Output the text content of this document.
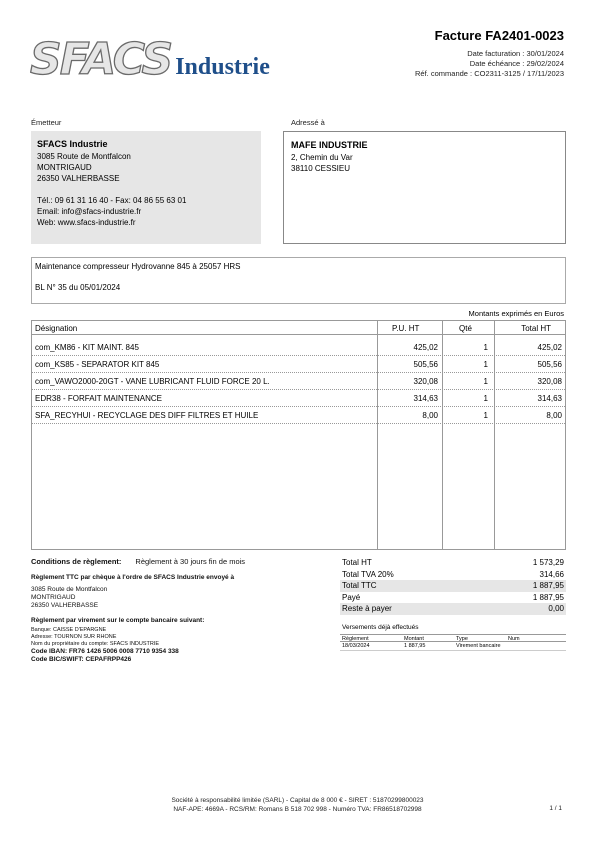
SFACS Industrie
Facture FA2401-0023
Date facturation : 30/01/2024
Date échéance : 29/02/2024
Réf. commande : CO2311-3125 / 17/11/2023
Émetteur
SFACS Industrie
3085 Route de Montfalcon
MONTRIGAUD
26350 VALHERBASSE
Tél.: 09 61 31 16 40 - Fax: 04 86 55 63 01
Email: info@sfacs-industrie.fr
Web: www.sfacs-industrie.fr
Adressé à
MAFE INDUSTRIE
2, Chemin du Var
38110 CESSIEU
Maintenance compresseur Hydrovanne 845 à 25057 HRS
BL N° 35 du 05/01/2024
Montants exprimés en Euros
Désignation	P.U. HT	Qté	Total HT
com_KM86 - KIT MAINT. 845	425,02	1	425,02
com_KS85 - SEPARATOR KIT 845	505,56	1	505,56
com_VAWO2000-20GT - VANE LUBRICANT FLUID FORCE 20 L.	320,08	1	320,08
EDR38 - FORFAIT MAINTENANCE	314,63	1	314,63
SFA_RECYHUI - RECYCLAGE DES DIFF FILTRES ET HUILE	8,00	1	8,00
Conditions de règlement: Règlement à 30 jours fin de mois
Règlement TTC par chèque à l'ordre de SFACS Industrie envoyé à
3085 Route de Montfalcon
MONTRIGAUD
26350 VALHERBASSE
Règlement par virement sur le compte bancaire suivant:
Banque: CAISSE D'EPARGNE
Adresse: TOURNON SUR RHONE
Nom du propriétaire du compte: SFACS INDUSTRIE
Code IBAN: FR76 1426 5006 0008 7710 9354 338
Code BIC/SWIFT: CEPAFRPP426
Total HT	1 573,29
Total TVA 20%	314,66
Total TTC	1 887,95
Payé	1 887,95
Reste à payer	0,00
Versements déjà effectués
Règlement	Montant	Type	Num
18/03/2024	1 887,95	Virement bancaire
Société à responsabilité limitée (SARL) - Capital de 8 000 € - SIRET : 51870299800023
NAF-APE: 4669A - RCS/RM: Romans B 518 702 998 - Numéro TVA: FR86518702998	1 / 1
